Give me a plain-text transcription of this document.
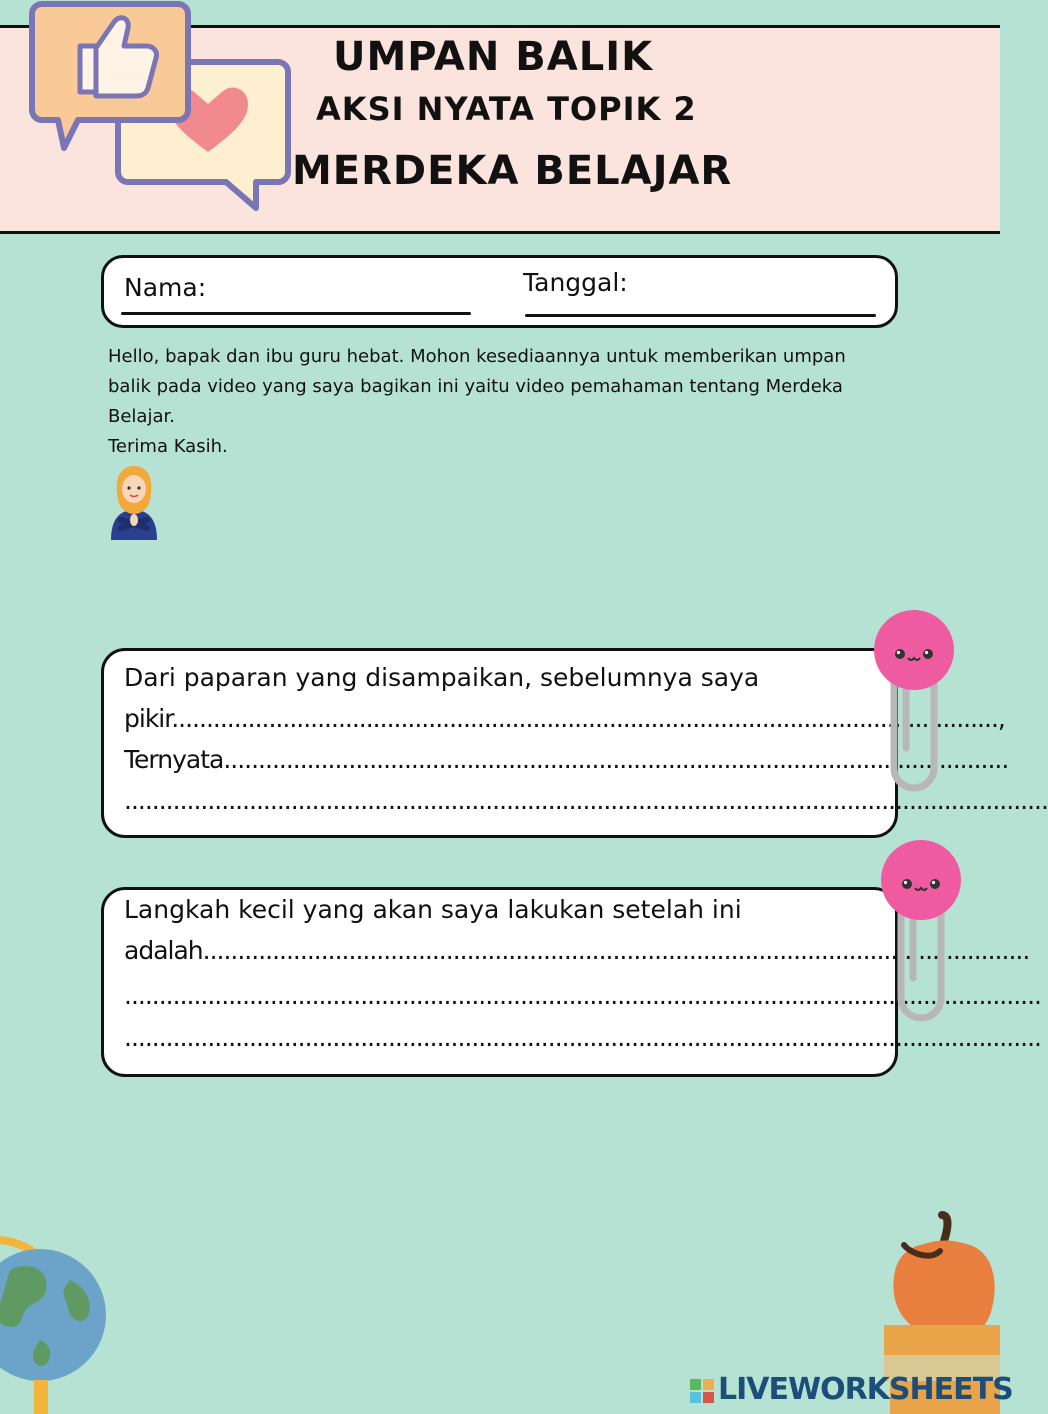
UMPAN BALIK
AKSI NYATA TOPIK 2
MERDEKA BELAJAR
Nama:	Tanggal:

Hello, bapak dan ibu guru hebat. Mohon kesediaannya untuk memberikan umpan

balik pada video yang saya bagikan ini yaitu video pemahaman tentang Merdeka

Belajar.

Terima Kasih.

Dari paparan yang disampaikan, sebelumnya saya
pikir.......................................................................................................................,
Ternyata.................................................................................................................
.....................................................................................................................................
Langkah kecil yang akan saya lakukan setelah ini
adalah.......................................................................................................................
....................................................................................................................................
....................................................................................................................................
LIVEWORKSHEETS
